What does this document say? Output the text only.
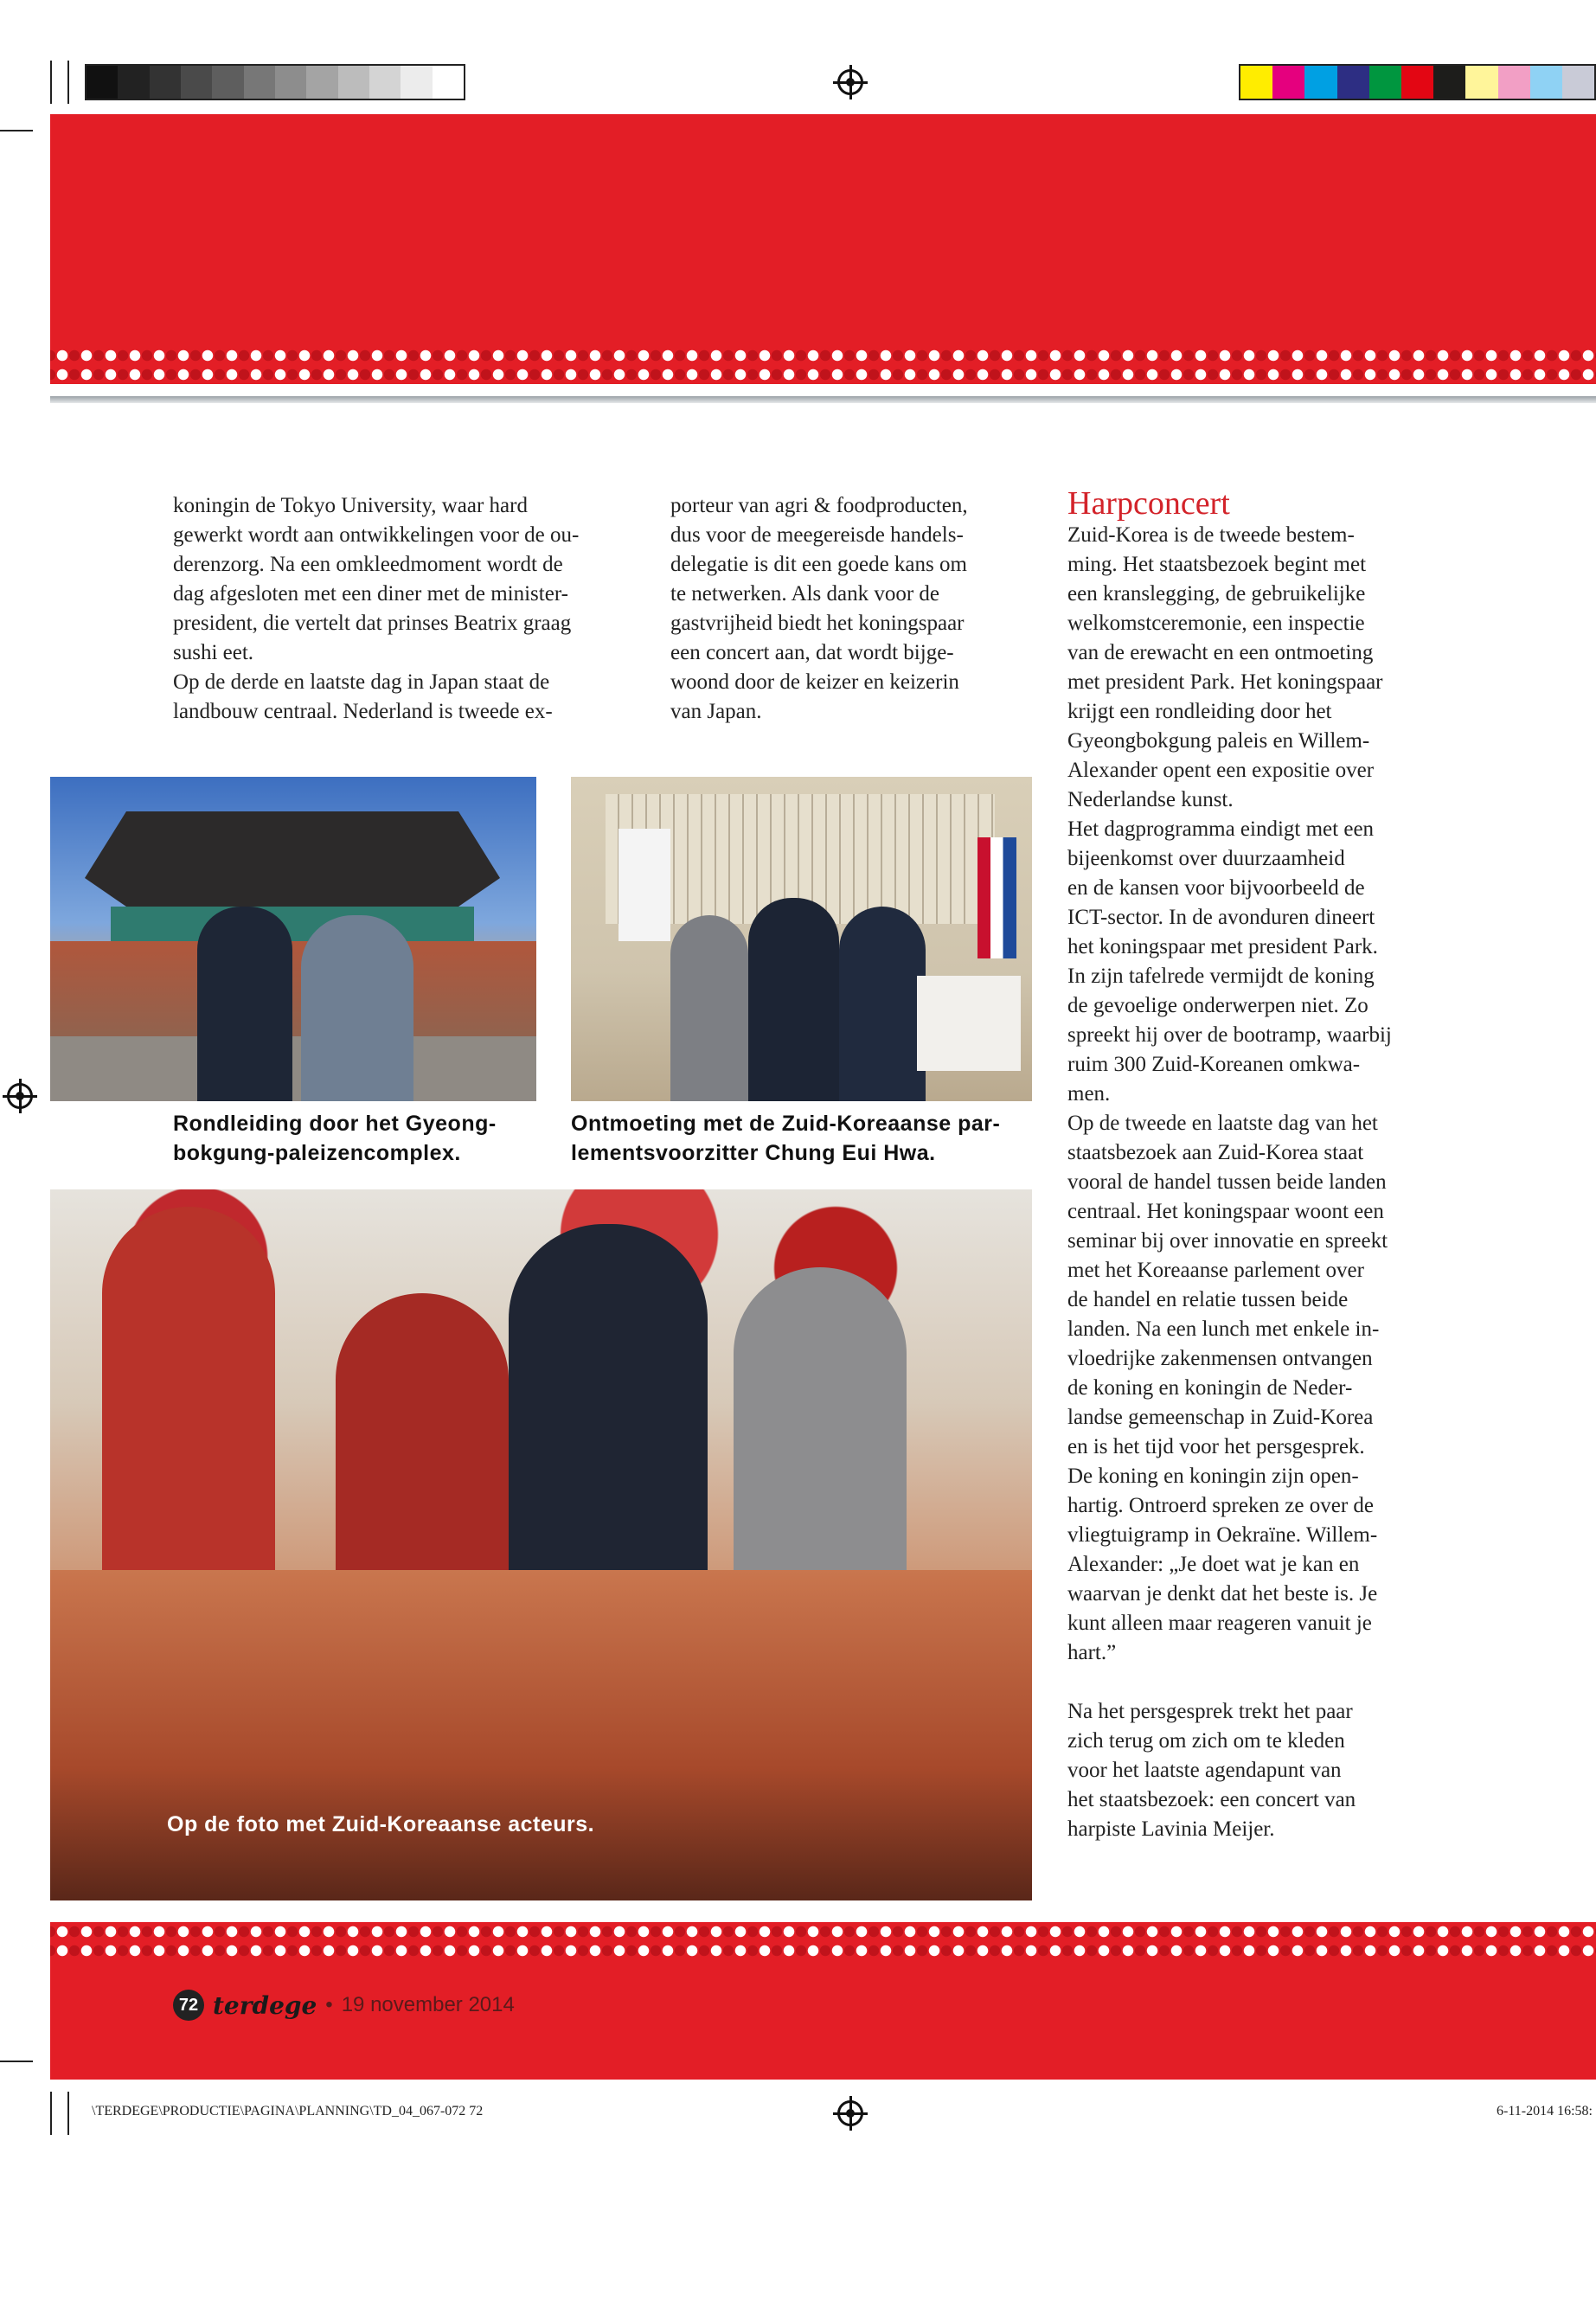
koningin de Tokyo University, waar hard

gewerkt wordt aan ontwikkelingen voor de ou-

derenzorg. Na een omkleedmoment wordt de

dag afgesloten met een diner met de minister-

president, die vertelt dat prinses Beatrix graag

sushi eet.

Op de derde en laatste dag in Japan staat de

landbouw centraal. Nederland is tweede ex-

porteur van agri & foodproducten,

dus voor de meegereisde handels-

delegatie is dit een goede kans om

te netwerken. Als dank voor de

gastvrijheid biedt het koningspaar

een concert aan, dat wordt bijge-

woond door de keizer en keizerin

van Japan.

Harpconcert

Zuid-Korea is de tweede bestem-

ming. Het staatsbezoek begint met

een kranslegging, de gebruikelijke

welkomstceremonie, een inspectie

van de erewacht en een ontmoeting

met president Park. Het koningspaar

krijgt een rondleiding door het

Gyeongbokgung paleis en Willem-

Alexander opent een expositie over

Nederlandse kunst.

Het dagprogramma eindigt met een

bijeenkomst over duurzaamheid

en de kansen voor bijvoorbeeld de

ICT-sector. In de avonduren dineert

het koningspaar met president Park.

In zijn tafelrede vermijdt de koning

de gevoelige onderwerpen niet. Zo

spreekt hij over de bootramp, waarbij

ruim 300 Zuid-Koreanen omkwa-

men.

Op de tweede en laatste dag van het

staatsbezoek aan Zuid-Korea staat

vooral de handel tussen beide landen

centraal. Het koningspaar woont een

seminar bij over innovatie en spreekt

met het Koreaanse parlement over

de handel en relatie tussen beide

landen. Na een lunch met enkele in-

vloedrijke zakenmensen ontvangen

de koning en koningin de Neder-

landse gemeenschap in Zuid-Korea

en is het tijd voor het persgesprek.

De koning en koningin zijn open-

hartig. Ontroerd spreken ze over de

vliegtuigramp in Oekraïne. Willem-

Alexander: „Je doet wat je kan en

waarvan je denkt dat het beste is. Je

kunt alleen maar reageren vanuit je

hart.”

Na het persgesprek trekt het paar

zich terug om zich om te kleden

voor het laatste agendapunt van

het staatsbezoek: een concert van

harpiste Lavinia Meijer.

Rondleiding door het Gyeong-
bokgung-paleizencomplex.
Ontmoeting met de Zuid-Koreaanse par-
lementsvoorzitter Chung Eui Hwa.
Op de foto met Zuid-Koreaanse acteurs.
72 terdege • 19 november 2014
\TERDEGE\PRODUCTIE\PAGINA\PLANNING\TD_04_067-072 72	6-11-2014 16:58:
